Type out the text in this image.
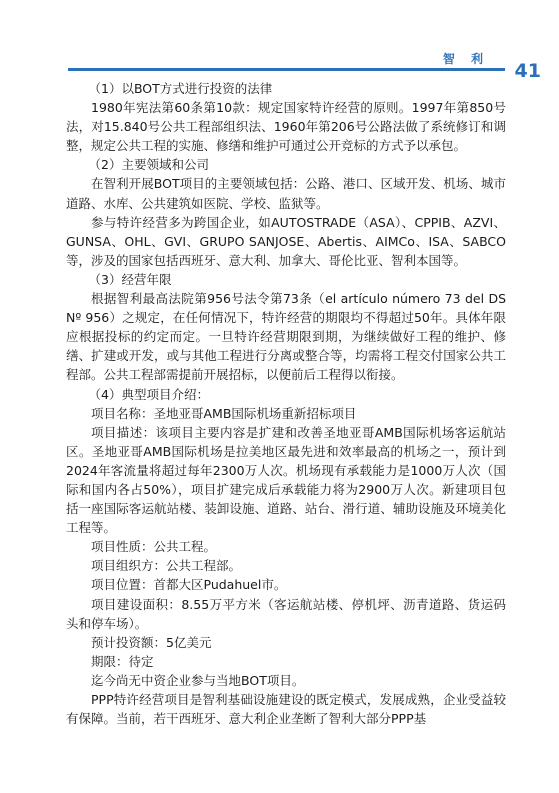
智 利
41

（1）以BOT方式进行投资的法律

1980年宪法第60条第10款：规定国家特许经营的原则。1997年第850号法，对15.840号公共工程部组织法、1960年第206号公路法做了系统修订和调整，规定公共工程的实施、修缮和维护可通过公开竞标的方式予以承包。

（2）主要领域和公司

在智利开展BOT项目的主要领域包括：公路、港口、区域开发、机场、城市道路、水库、公共建筑如医院、学校、监狱等。

参与特许经营多为跨国企业，如AUTOSTRADE（ASA）、CPPIB、AZVI、GUNSA、OHL、GVI、GRUPO SANJOSE、Abertis、AIMCo、ISA、SABCO等，涉及的国家包括西班牙、意大利、加拿大、哥伦比亚、智利本国等。

（3）经营年限

根据智利最高法院第956号法令第73条（el artículo número 73 del DS Nº 956）之规定，在任何情况下，特许经营的期限均不得超过50年。具体年限应根据投标的约定而定。一旦特许经营期限到期，为继续做好工程的维护、修缮、扩建或开发，或与其他工程进行分离或整合等，均需将工程交付国家公共工程部。公共工程部需提前开展招标，以便前后工程得以衔接。

（4）典型项目介绍：

项目名称：圣地亚哥AMB国际机场重新招标项目

项目描述：该项目主要内容是扩建和改善圣地亚哥AMB国际机场客运航站区。圣地亚哥AMB国际机场是拉美地区最先进和效率最高的机场之一，预计到2024年客流量将超过每年2300万人次。机场现有承载能力是1000万人次（国际和国内各占50%），项目扩建完成后承载能力将为2900万人次。新建项目包括一座国际客运航站楼、装卸设施、道路、站台、滑行道、辅助设施及环境美化工程等。

项目性质：公共工程。

项目组织方：公共工程部。

项目位置：首都大区Pudahuel市。

项目建设面积：8.55万平方米（客运航站楼、停机坪、沥青道路、货运码头和停车场）。

预计投资额：5亿美元

期限：待定

迄今尚无中资企业参与当地BOT项目。

PPP特许经营项目是智利基础设施建设的既定模式，发展成熟，企业受益较有保障。当前，若干西班牙、意大利企业垄断了智利大部分PPP基
